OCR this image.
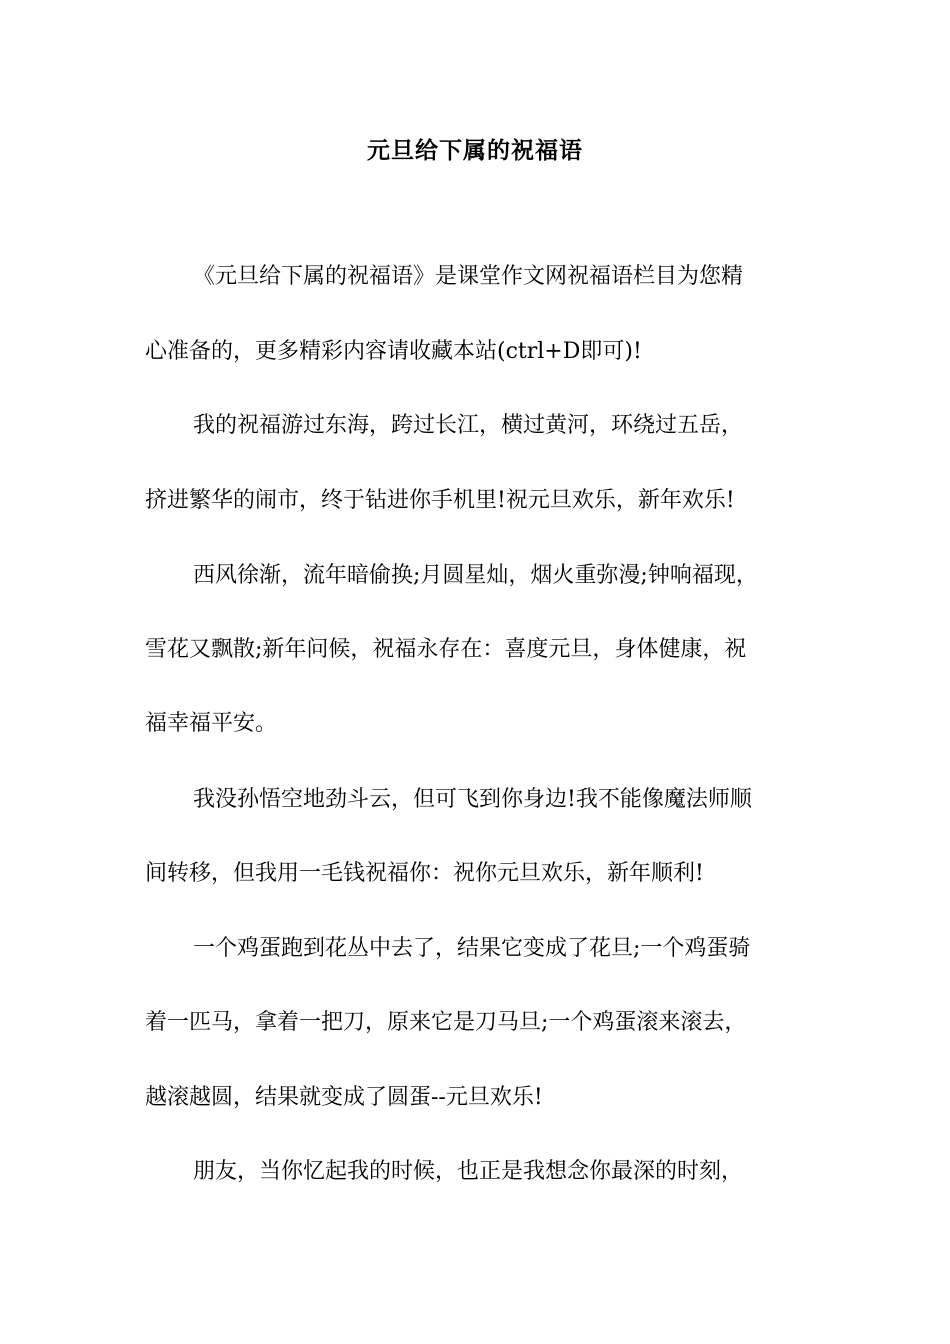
元旦给下属的祝福语
《元旦给下属的祝福语》是课堂作文网祝福语栏目为您精
心准备的，更多精彩内容请收藏本站(ctrl+D即可)!
我的祝福游过东海，跨过长江，横过黄河，环绕过五岳，
挤进繁华的闹市，终于钻进你手机里!祝元旦欢乐，新年欢乐!
西风徐渐，流年暗偷换;月圆星灿，烟火重弥漫;钟响福现，
雪花又飘散;新年问候，祝福永存在：喜度元旦，身体健康，祝
福幸福平安。
我没孙悟空地劲斗云，但可飞到你身边!我不能像魔法师顺
间转移，但我用一毛钱祝福你：祝你元旦欢乐，新年顺利!
一个鸡蛋跑到花丛中去了，结果它变成了花旦;一个鸡蛋骑
着一匹马，拿着一把刀，原来它是刀马旦;一个鸡蛋滚来滚去，
越滚越圆，结果就变成了圆蛋--元旦欢乐!
朋友，当你忆起我的时候，也正是我想念你最深的时刻，
